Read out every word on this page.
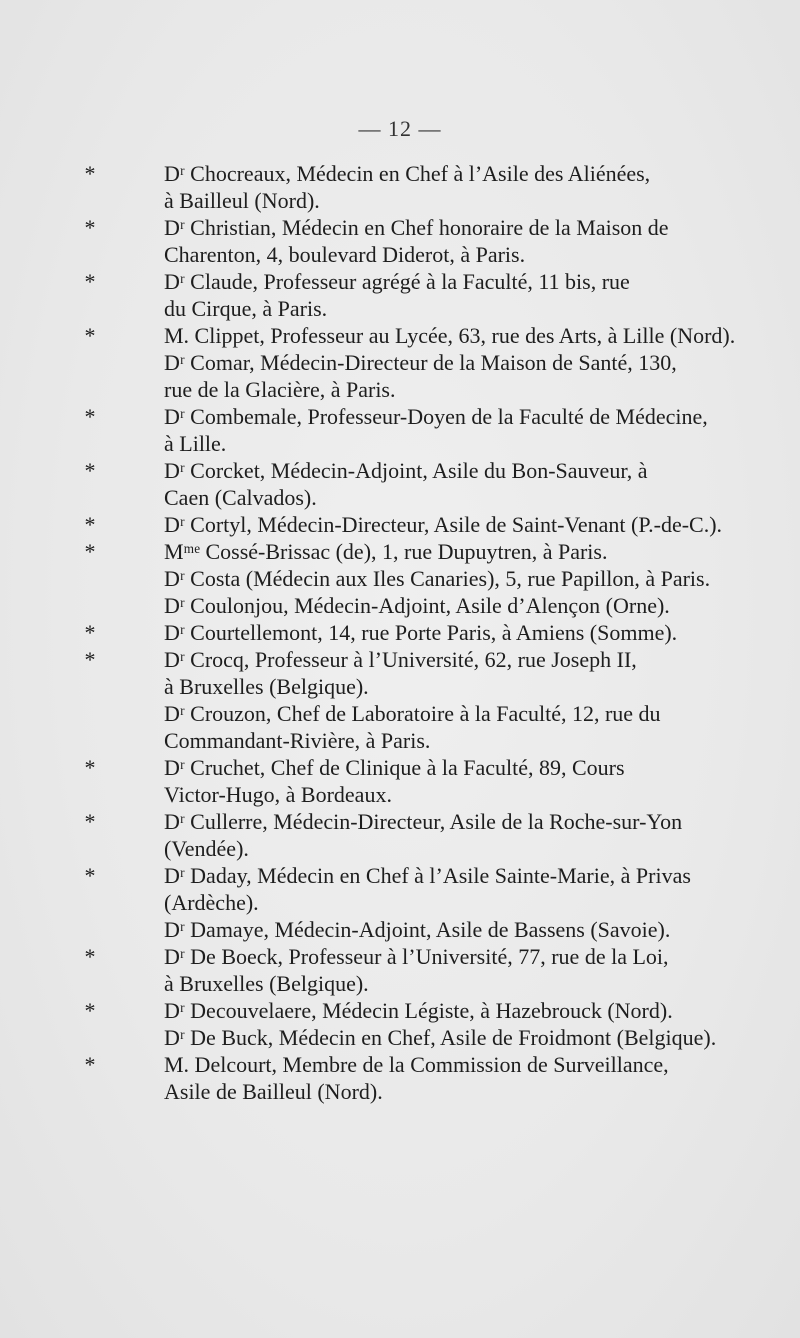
— 12 —
*	Dʳ Chocreaux, Médecin en Chef à l’Asile des Aliénées,
à Bailleul (Nord).
*	Dʳ Christian, Médecin en Chef honoraire de la Maison de
Charenton, 4, boulevard Diderot, à Paris.
*	Dʳ Claude, Professeur agrégé à la Faculté, 11 bis, rue
du Cirque, à Paris.
*	M. Clippet, Professeur au Lycée, 63, rue des Arts, à Lille (Nord).
Dʳ Comar, Médecin-Directeur de la Maison de Santé, 130,
rue de la Glacière, à Paris.
*	Dʳ Combemale, Professeur-Doyen de la Faculté de Médecine,
à Lille.
*	Dʳ Corcket, Médecin-Adjoint, Asile du Bon-Sauveur, à
Caen (Calvados).
*	Dʳ Cortyl, Médecin-Directeur, Asile de Saint-Venant (P.-de-C.).
*	Mᵐᵉ Cossé-Brissac (de), 1, rue Dupuytren, à Paris.
Dʳ Costa (Médecin aux Iles Canaries), 5, rue Papillon, à Paris.
Dʳ Coulonjou, Médecin-Adjoint, Asile d’Alençon (Orne).
*	Dʳ Courtellemont, 14, rue Porte Paris, à Amiens (Somme).
*	Dʳ Crocq, Professeur à l’Université, 62, rue Joseph II,
à Bruxelles (Belgique).
Dʳ Crouzon, Chef de Laboratoire à la Faculté, 12, rue du
Commandant-Rivière, à Paris.
*	Dʳ Cruchet, Chef de Clinique à la Faculté, 89, Cours
Victor-Hugo, à Bordeaux.
*	Dʳ Cullerre, Médecin-Directeur, Asile de la Roche-sur-Yon
(Vendée).
*	Dʳ Daday, Médecin en Chef à l’Asile Sainte-Marie, à Privas
(Ardèche).
Dʳ Damaye, Médecin-Adjoint, Asile de Bassens (Savoie).
*	Dʳ De Boeck, Professeur à l’Université, 77, rue de la Loi,
à Bruxelles (Belgique).
*	Dʳ Decouvelaere, Médecin Légiste, à Hazebrouck (Nord).
Dʳ De Buck, Médecin en Chef, Asile de Froidmont (Belgique).
*	M. Delcourt, Membre de la Commission de Surveillance,
Asile de Bailleul (Nord).
